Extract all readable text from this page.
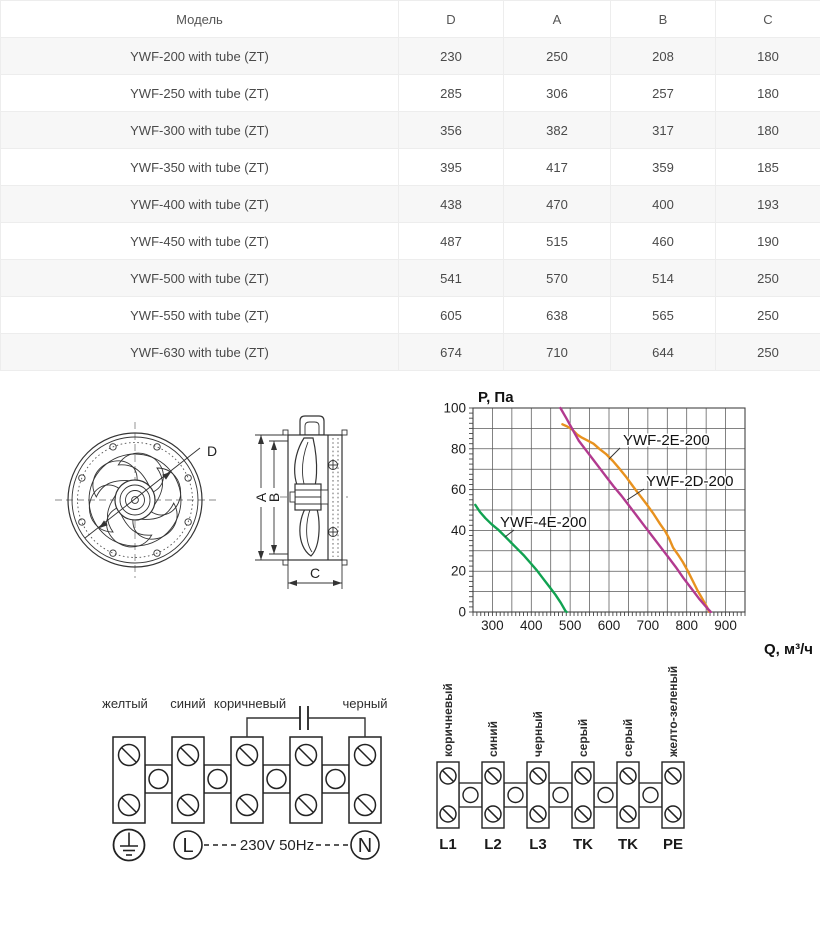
Модель	D	A	B	C
YWF-200 with tube (ZT)	230	250	208	180
YWF-250 with tube (ZT)	285	306	257	180
YWF-300 with tube (ZT)	356	382	317	180
YWF-350 with tube (ZT)	395	417	359	185
YWF-400 with tube (ZT)	438	470	400	193
YWF-450 with tube (ZT)	487	515	460	190
YWF-500 with tube (ZT)	541	570	514	250
YWF-550 with tube (ZT)	605	638	565	250
YWF-630 with tube (ZT)	674	710	644	250
D
A
B
C
300 400 500 600 700 800 900
0
20
40
60
80
100
P, Па
Q, м³/ч
YWF-2E-200
YWF-2D-200
YWF-4E-200
желтый синий коричневый	черный
L	230V 50Hz N
коричневый
L1
синий
L2
черный
L3
серый
TK
серый
TK
желто-зеленый
PE
